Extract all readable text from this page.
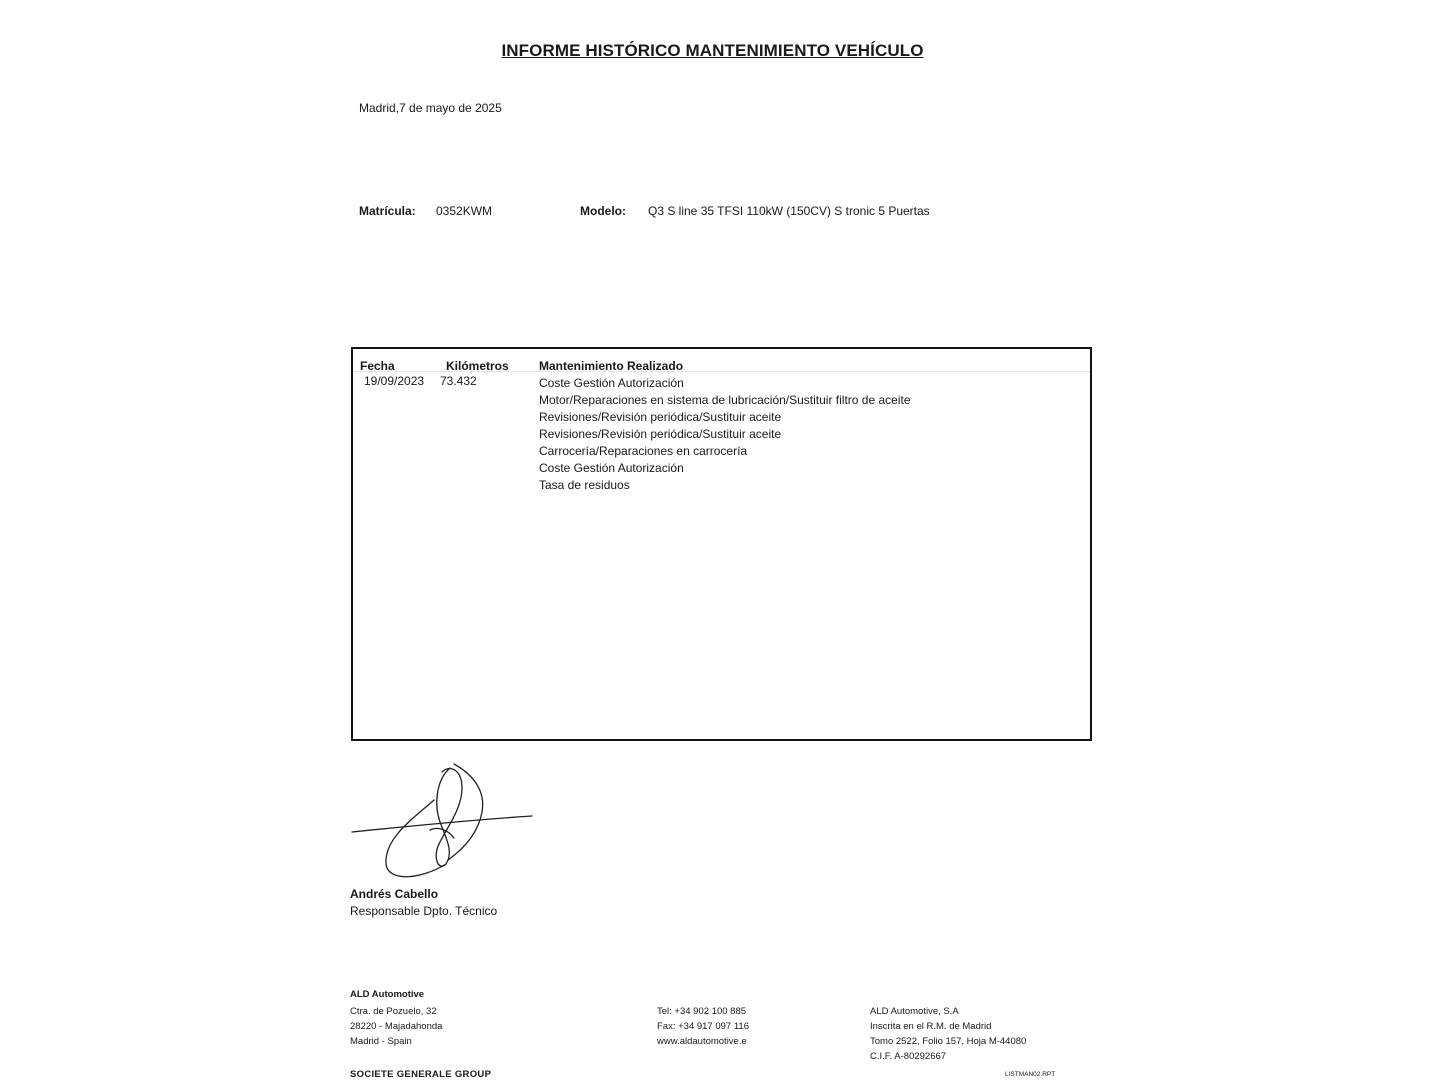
INFORME HISTÓRICO MANTENIMIENTO VEHÍCULO
Madrid,7 de mayo de 2025
Matrícula: 0352KWM	Modelo: Q3 S line 35 TFSI 110kW (150CV) S tronic 5 Puertas
Fecha	Kilómetros	Mantenimiento Realizado
19/09/2023 73.432	Coste Gestión Autorización
Motor/Reparaciones en sistema de lubricación/Sustituir filtro de aceite
Revisiones/Revisión periódica/Sustituir aceite
Revisiones/Revisión periódica/Sustituir aceite
Carrocería/Reparaciones en carrocería
Coste Gestión Autorización
Tasa de residuos
Andrés Cabello
Responsable Dpto. Técnico
ALD Automotive
Ctra. de Pozuelo, 32
28220 - Majadahonda
Madrid - Spain
SOCIETE GENERALE GROUP
Tel: +34 902 100 885
Fax: +34 917 097 116
www.aldautomotive.e
ALD Automotive, S.A
Inscrita en el R.M. de Madrid
Tomo 2522, Folio 157, Hoja M-44080
C.I.F. A-80292667
LISTMAN02.RPT
